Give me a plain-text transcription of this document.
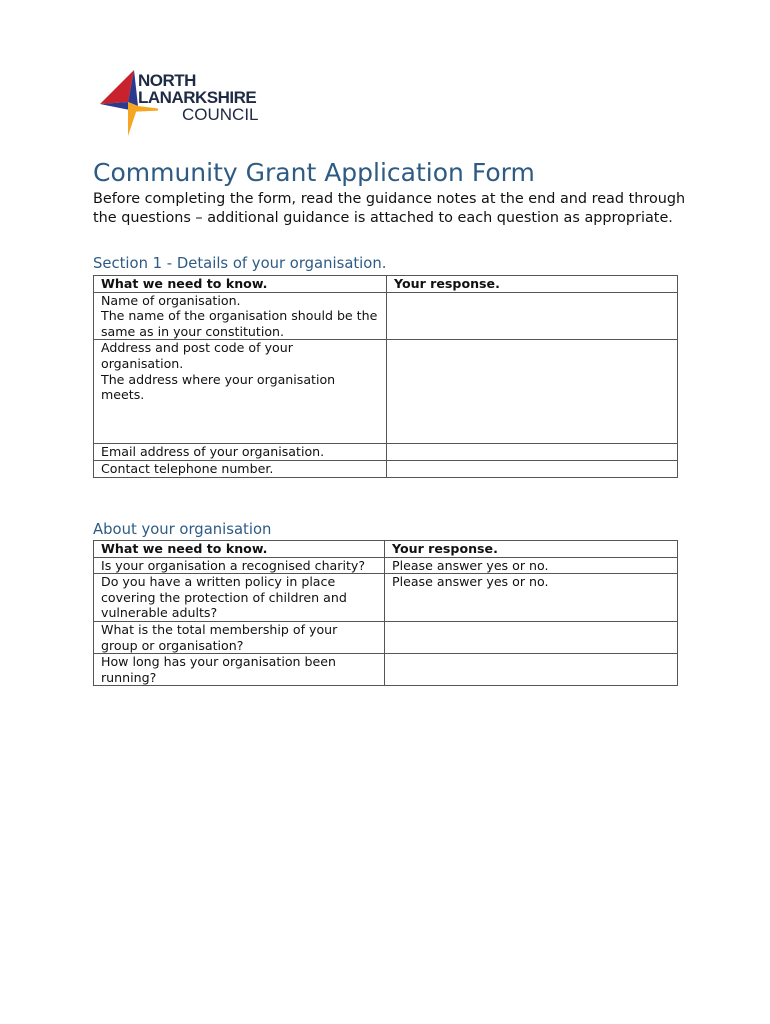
NORTH
LANARKSHIRE
COUNCIL
Community Grant Application Form

Before completing the form, read the guidance notes at the end and read through the questions – additional guidance is attached to each question as appropriate.

Section 1 - Details of your organisation.
What we need to know.	Your response.

Name of organisation.
The name of the organisation should be the same as in your constitution.	

Address and post code of your organisation.
The address where your organisation meets.	

Email address of your organisation.	
Contact telephone number.	
About your organisation
What we need to know.	Your response.
Is your organisation a recognised charity?	Please answer yes or no.
Do you have a written policy in place covering the protection of children and vulnerable adults?	Please answer yes or no.
What is the total membership of your group or organisation?	
How long has your organisation been running?	
